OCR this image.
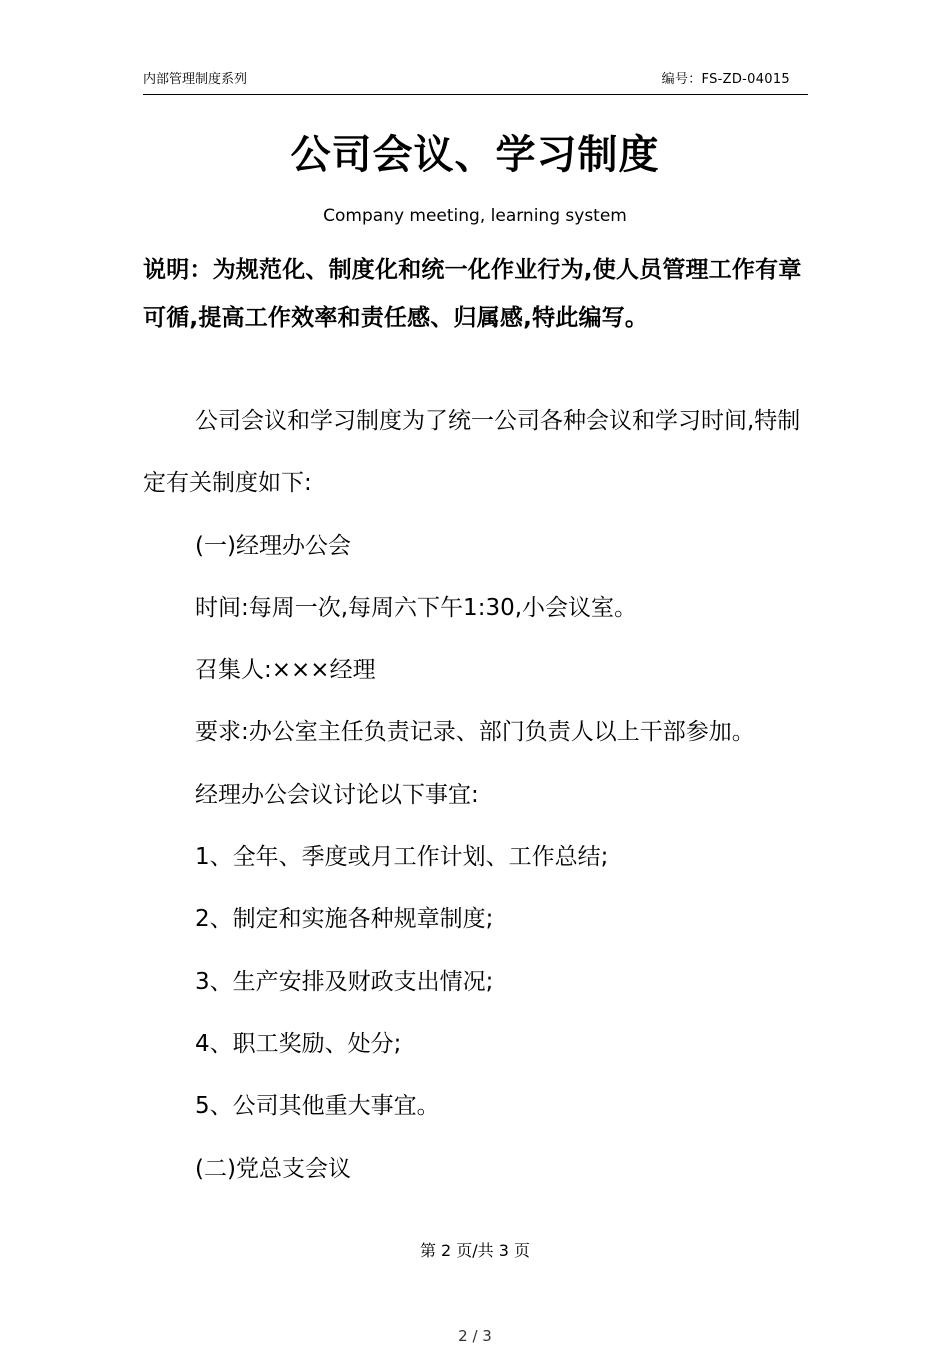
内部管理制度系列	编号：FS-ZD-04015
公司会议、学习制度
Company meeting, learning system
说明：为规范化、制度化和统一化作业行为,使人员管理工作有章可循,提高工作效率和责任感、归属感,特此编写。

公司会议和学习制度为了统一公司各种会议和学习时间,特制定有关制度如下:

(一)经理办公会

时间:每周一次,每周六下午1:30,小会议室。

召集人:×××经理

要求:办公室主任负责记录、部门负责人以上干部参加。

经理办公会议讨论以下事宜:

1、全年、季度或月工作计划、工作总结;

2、制定和实施各种规章制度;

3、生产安排及财政支出情况;

4、职工奖励、处分;

5、公司其他重大事宜。

(二)党总支会议

第 2 页/共 3 页
2 / 3
